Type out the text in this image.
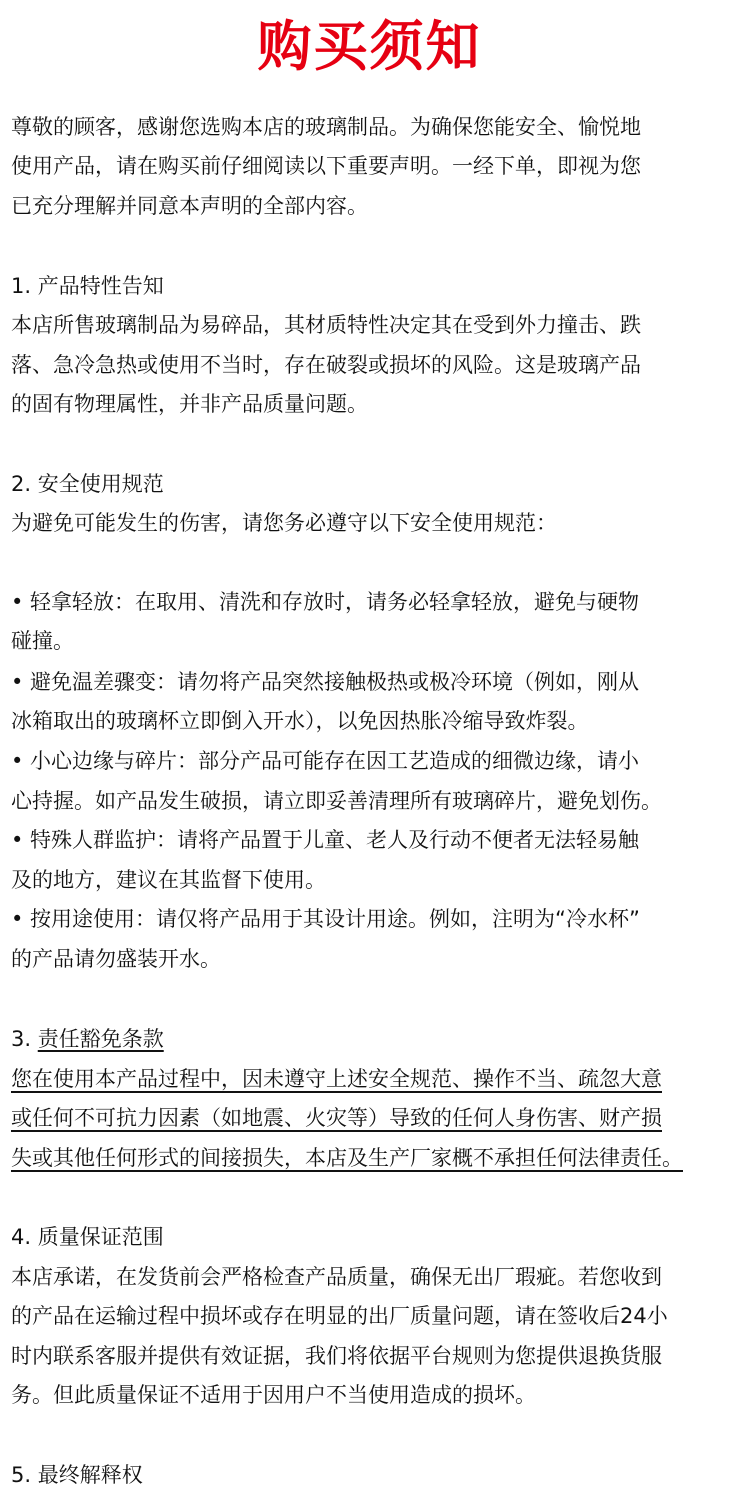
购买须知
尊敬的顾客，感谢您选购本店的玻璃制品。为确保您能安全、愉悦地
使用产品，请在购买前仔细阅读以下重要声明。一经下单，即视为您
已充分理解并同意本声明的全部内容。
1. 产品特性告知
本店所售玻璃制品为易碎品，其材质特性决定其在受到外力撞击、跌
落、急冷急热或使用不当时，存在破裂或损坏的风险。这是玻璃产品
的固有物理属性，并非产品质量问题。
2. 安全使用规范
为避免可能发生的伤害，请您务必遵守以下安全使用规范：
• 轻拿轻放：在取用、清洗和存放时，请务必轻拿轻放，避免与硬物
碰撞。
• 避免温差骤变：请勿将产品突然接触极热或极冷环境（例如，刚从
冰箱取出的玻璃杯立即倒入开水），以免因热胀冷缩导致炸裂。
• 小心边缘与碎片：部分产品可能存在因工艺造成的细微边缘，请小
心持握。如产品发生破损，请立即妥善清理所有玻璃碎片，避免划伤。
• 特殊人群监护：请将产品置于儿童、老人及行动不便者无法轻易触
及的地方，建议在其监督下使用。
• 按用途使用：请仅将产品用于其设计用途。例如，注明为“冷水杯”
的产品请勿盛装开水。
3. 责任豁免条款
您在使用本产品过程中，因未遵守上述安全规范、操作不当、疏忽大意
或任何不可抗力因素（如地震、火灾等）导致的任何人身伤害、财产损
失或其他任何形式的间接损失，本店及生产厂家概不承担任何法律责任。
4. 质量保证范围
本店承诺，在发货前会严格检查产品质量，确保无出厂瑕疵。若您收到
的产品在运输过程中损坏或存在明显的出厂质量问题，请在签收后24小
时内联系客服并提供有效证据，我们将依据平台规则为您提供退换货服
务。但此质量保证不适用于因用户不当使用造成的损坏。
5. 最终解释权
